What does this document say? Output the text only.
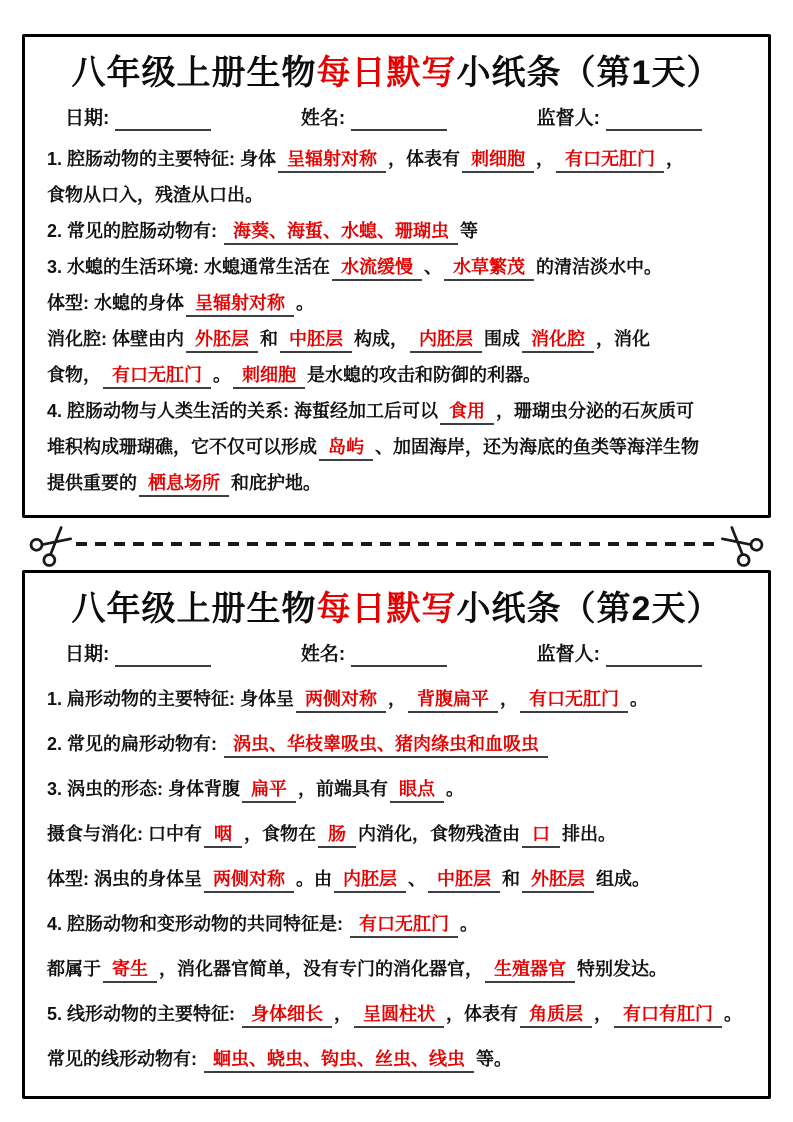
八年级上册生物每日默写小纸条（第1天）
日期:	姓名:	监督人:
1. 腔肠动物的主要特征: 身体 呈辐射对称 ，体表有 刺细胞 ， 有口无肛门 ，
食物从口入，残渣从口出。
2. 常见的腔肠动物有: 海葵、海蜇、水螅、珊瑚虫 等
3. 水螅的生活环境: 水螅通常生活在 水流缓慢 、 水草繁茂 的清洁淡水中。
体型: 水螅的身体 呈辐射对称 。
消化腔: 体壁由内 外胚层 和 中胚层 构成， 内胚层 围成 消化腔 ，消化
食物， 有口无肛门 。 刺细胞 是水螅的攻击和防御的利器。
4. 腔肠动物与人类生活的关系: 海蜇经加工后可以 食用 ，珊瑚虫分泌的石灰质可
堆积构成珊瑚礁，它不仅可以形成 岛屿 、加固海岸，还为海底的鱼类等海洋生物
提供重要的 栖息场所 和庇护地。
八年级上册生物每日默写小纸条（第2天）
日期:	姓名:	监督人:
1. 扁形动物的主要特征: 身体呈 两侧对称 ， 背腹扁平 ， 有口无肛门 。
2. 常见的扁形动物有: 涡虫、华枝睾吸虫、猪肉绦虫和血吸虫
3. 涡虫的形态: 身体背腹 扁平 ，前端具有 眼点 。
摄食与消化: 口中有 咽 ，食物在 肠 内消化，食物残渣由 口 排出。
体型: 涡虫的身体呈 两侧对称 。由 内胚层 、 中胚层 和 外胚层 组成。
4. 腔肠动物和变形动物的共同特征是: 有口无肛门 。
都属于 寄生 ，消化器官简单，没有专门的消化器官， 生殖器官 特别发达。
5. 线形动物的主要特征: 身体细长 ， 呈圆柱状 ，体表有 角质层 ， 有口有肛门 。
常见的线形动物有: 蛔虫、蛲虫、钩虫、丝虫、线虫 等。
